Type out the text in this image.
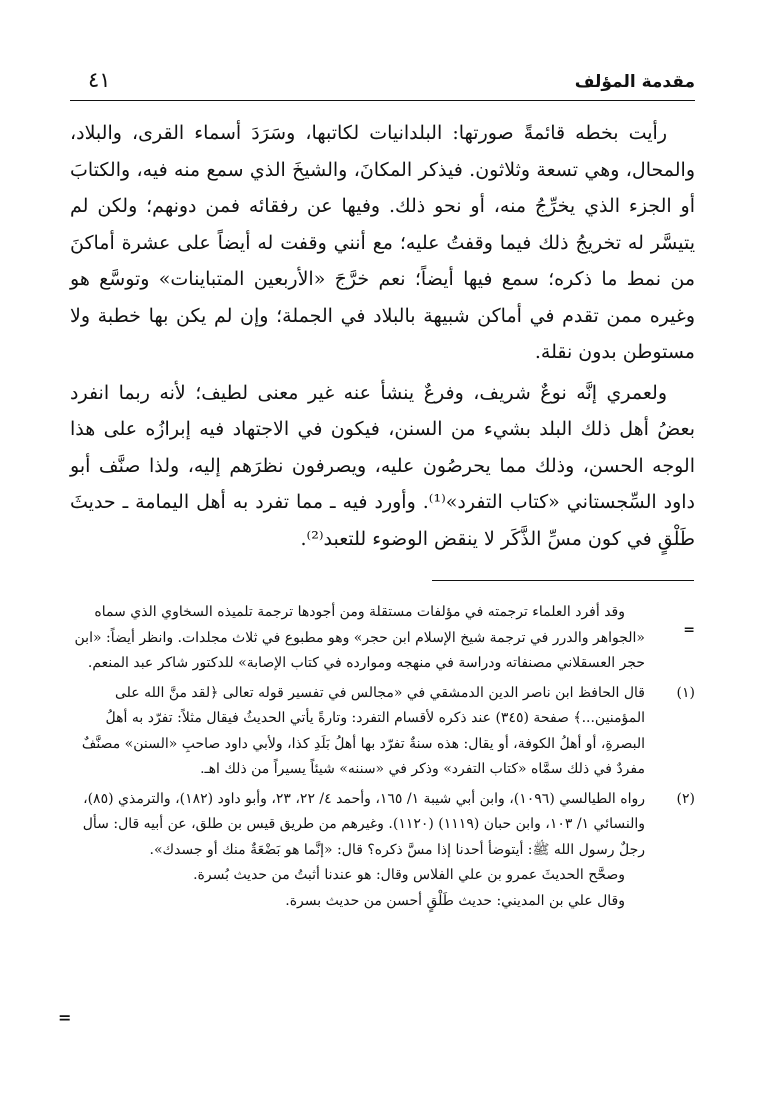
مقدمة المؤلف
٤١

رأيت بخطه قائمةً صورتها: البلدانيات لكاتبها، وسَرَدَ أسماء القرى، والبلاد، والمحال، وهي تسعة وثلاثون. فيذكر المكانَ، والشيخَ الذي سمع منه فيه، والكتابَ أو الجزء الذي يخرِّجُ منه، أو نحو ذلك. وفيها عن رفقائه فمن دونهم؛ ولكن لم يتيسَّر له تخريجُ ذلك فيما وقفتُ عليه؛ مع أنني وقفت له أيضاً على عشرة أماكنَ من نمط ما ذكره؛ سمع فيها أيضاً؛ نعم خرَّجَ «الأربعين المتباينات» وتوسَّع هو وغيره ممن تقدم في أماكن شبيهة بالبلاد في الجملة؛ وإن لم يكن بها خطبة ولا مستوطن بدون نقلة.

ولعمري إنَّه نوعٌ شريف، وفرعٌ ينشأ عنه غير معنى لطيف؛ لأنه ربما انفرد بعضُ أهل ذلك البلد بشيء من السنن، فيكون في الاجتهاد فيه إبرازُه على هذا الوجه الحسن، وذلك مما يحرصُون عليه، ويصرفون نظرَهم إليه، ولذا صنَّف أبو داود السِّجستاني «كتاب التفرد»⁽¹⁾. وأورد فيه ـ مما تفرد به أهل اليمامة ـ حديثَ طَلْقٍ في كون مسِّ الذَّكَر لا ينقض الوضوء للتعبد⁽²⁾.

=
وقد أفرد العلماء ترجمته في مؤلفات مستقلة ومن أجودها ترجمة تلميذه السخاوي الذي سماه «الجواهر والدرر في ترجمة شيخ الإسلام ابن حجر» وهو مطبوع في ثلاث مجلدات. وانظر أيضاً: «ابن حجر العسقلاني مصنفاته ودراسة في منهجه وموارده في كتاب الإصابة» للدكتور شاكر عبد المنعم.
(١)
قال الحافظ ابن ناصر الدين الدمشقي في «مجالس في تفسير قوله تعالى ﴿لقد منَّ الله على المؤمنين...﴾ صفحة (٣٤٥) عند ذكره لأقسام التفرد: وتارةً يأتي الحديثُ فيقال مثلاً: تفرّد به أهلُ البصرةِ، أو أهلُ الكوفة، أو يقال: هذه سنةٌ تفرّد بها أهلُ بَلَدِ كذا، ولأبي داود صاحبِ «السنن» مصنَّفٌ مفردٌ في ذلك سمَّاه «كتاب التفرد» وذكر في «سننه» شيئاً يسيراً من ذلك اهـ.
(٢)
رواه الطيالسي (١٠٩٦)، وابن أبي شيبة ١/ ١٦٥، وأحمد ٤/ ٢٢، ٢٣، وأبو داود (١٨٢)، والترمذي (٨٥)، والنسائي ١/ ١٠٣، وابن حبان (١١١٩) (١١٢٠). وغيرهم من طريق قيس بن طلق، عن أبيه قال: سأل رجلٌ رسول الله ﷺ: أيتوضأ أحدنا إذا مسَّ ذكره؟ قال: «إنَّما هو بَضْعَةٌ منك أو جسدك».
وصحَّح الحديثَ عمرو بن علي الفلاس وقال: هو عندنا أثبتُ من حديث بُسرة.
وقال علي بن المديني: حديث طَلْقٍ أحسن من حديث بسرة.
=
